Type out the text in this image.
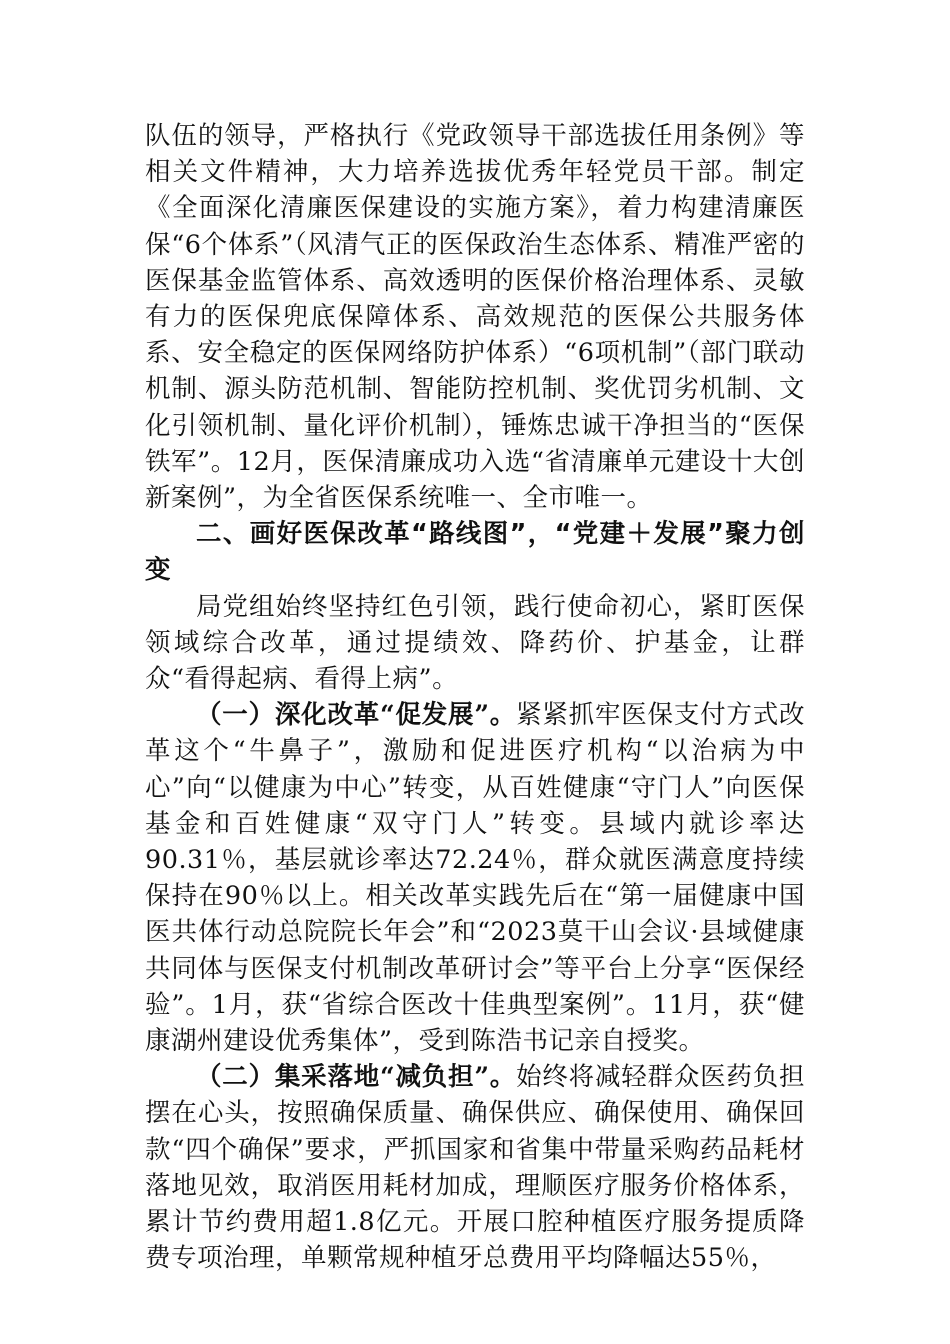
队伍的领导，严格执行《党政领导干部选拔任用条例》等相关文件精神，大力培养选拔优秀年轻党员干部。制定《全面深化清廉医保建设的实施方案》，着力构建清廉医保“6个体系”（风清气正的医保政治生态体系、精准严密的医保基金监管体系、高效透明的医保价格治理体系、灵敏有力的医保兜底保障体系、高效规范的医保公共服务体系、安全稳定的医保网络防护体系）“6项机制”（部门联动机制、源头防范机制、智能防控机制、奖优罚劣机制、文化引领机制、量化评价机制），锤炼忠诚干净担当的“医保铁军”。12月，医保清廉成功入选“省清廉单元建设十大创新案例”，为全省医保系统唯一、全市唯一。

二、画好医保改革“路线图”，“党建＋发展”聚力创变

局党组始终坚持红色引领，践行使命初心，紧盯医保领域综合改革，通过提绩效、降药价、护基金，让群众“看得起病、看得上病”。

（一）深化改革“促发展”。紧紧抓牢医保支付方式改革这个“牛鼻子”，激励和促进医疗机构“以治病为中心”向“以健康为中心”转变，从百姓健康“守门人”向医保基金和百姓健康“双守门人”转变。县域内就诊率达90.31％，基层就诊率达72.24％，群众就医满意度持续保持在90％以上。相关改革实践先后在“第一届健康中国医共体行动总院院长年会”和“2023莫干山会议·县域健康共同体与医保支付机制改革研讨会”等平台上分享“医保经验”。1月，获“省综合医改十佳典型案例”。11月，获“健康湖州建设优秀集体”，受到陈浩书记亲自授奖。

（二）集采落地“减负担”。始终将减轻群众医药负担摆在心头，按照确保质量、确保供应、确保使用、确保回款“四个确保”要求，严抓国家和省集中带量采购药品耗材落地见效，取消医用耗材加成，理顺医疗服务价格体系，累计节约费用超1.8亿元。开展口腔种植医疗服务提质降费专项治理，单颗常规种植牙总费用平均降幅达55％，
